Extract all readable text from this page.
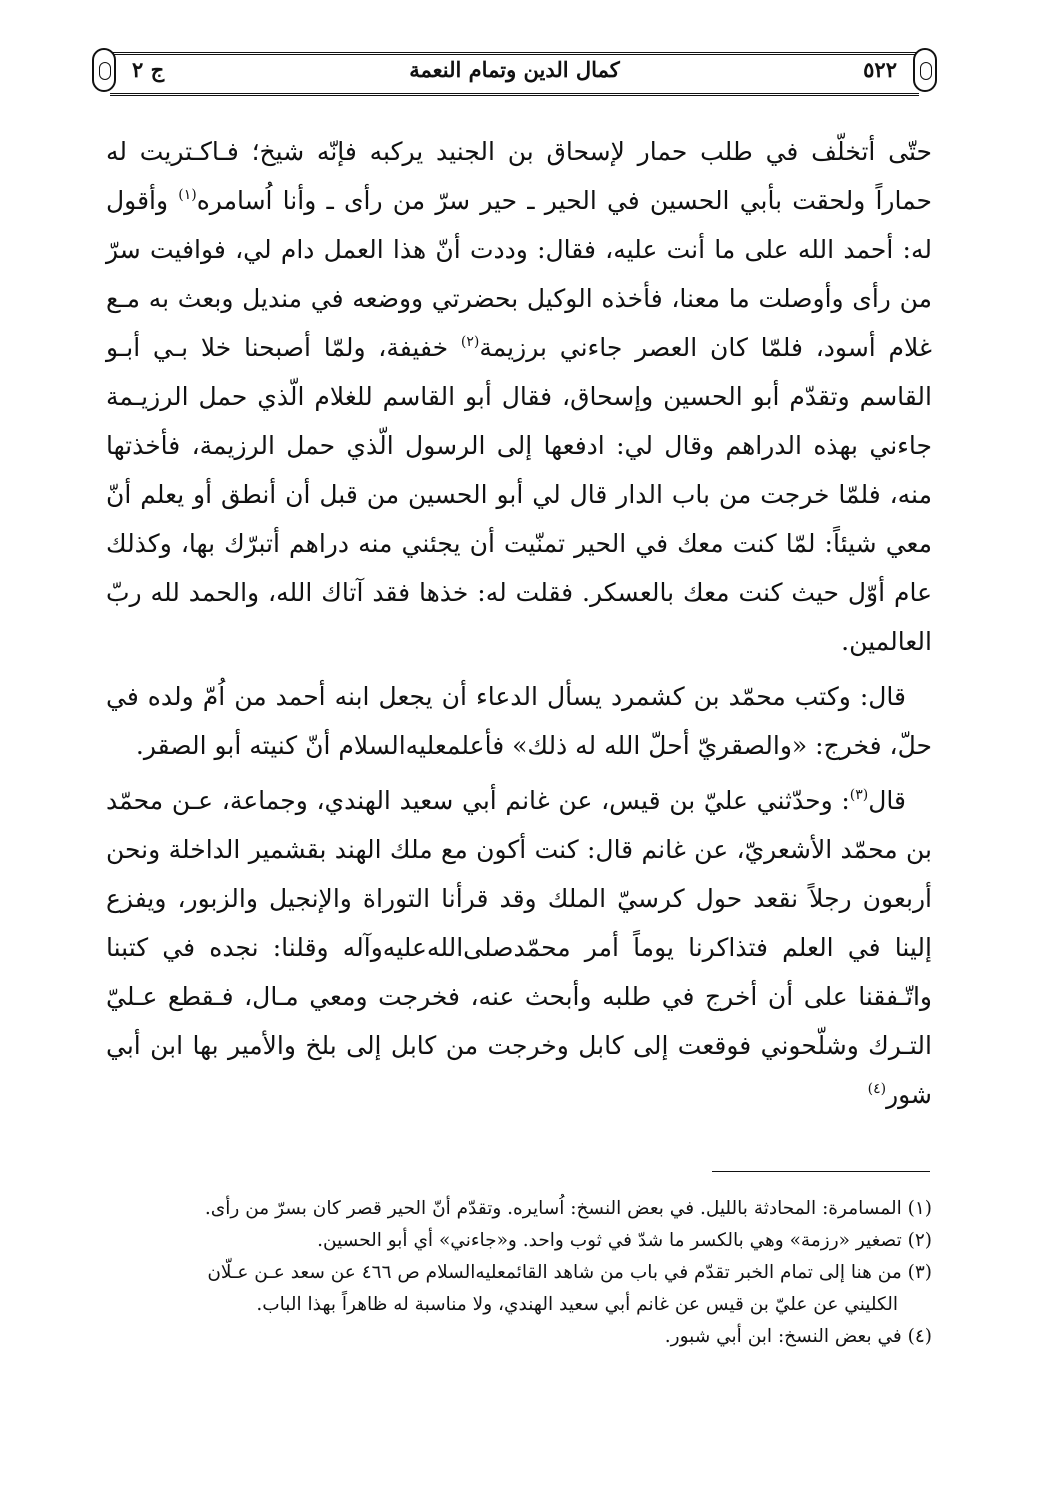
٥٢٢
كمال الدين وتمام النعمة
ج ٢

حتّى أتخلّف في طلب حمار لإسحاق بن الجنيد يركبه فإنّه شيخ؛ فـاكـتريت له حماراً ولحقت بأبي الحسين في الحير ـ حير سرّ من رأى ـ وأنا اُسامره$^{(١)}$ وأقول له: أحمد الله على ما أنت عليه، فقال: وددت أنّ هذا العمل دام لي، فوافيت سرّ من رأى وأوصلت ما معنا، فأخذه الوكيل بحضرتي ووضعه في منديل وبعث به مـع غلام أسود، فلمّا كان العصر جاءني برزيمة$^{(٢)}$ خفيفة، ولمّا أصبحنا خلا بـي أبـو القاسم وتقدّم أبو الحسين وإسحاق، فقال أبو القاسم للغلام الّذي حمل الرزيـمة جاءني بهذه الدراهم وقال لي: ادفعها إلى الرسول الّذي حمل الرزيمة، فأخذتها منه، فلمّا خرجت من باب الدار قال لي أبو الحسين من قبل أن أنطق أو يعلم أنّ معي شيئاً: لمّا كنت معك في الحير تمنّيت أن يجئني منه دراهم أتبرّك بها، وكذلك عام أوّل حيث كنت معك بالعسكر. فقلت له: خذها فقد آتاك الله، والحمد لله ربّ العالمين.

قال: وكتب محمّد بن كشمرد يسأل الدعاء أن يجعل ابنه أحمد من اُمّ ولده في حلّ، فخرج: «والصقريّ أحلّ الله له ذلك» فأعلمعليه‌السلام أنّ كنيته أبو الصقر.

قال$^{(٣)}$: وحدّثني عليّ بن قيس، عن غانم أبي سعيد الهندي، وجماعة، عـن محمّد بن محمّد الأشعريّ، عن غانم قال: كنت أكون مع ملك الهند بقشمير الداخلة ونحن أربعون رجلاً نقعد حول كرسيّ الملك وقد قرأنا التوراة والإنجيل والزبور، ويفزع إلينا في العلم فتذاكرنا يوماً أمر محمّدصلى‌الله‌عليه‌وآله وقلنا: نجده في كتبنا واتّـفقنا على أن أخرج في طلبه وأبحث عنه، فخرجت ومعي مـال، فـقطع عـليّ التـرك وشلّحوني فوقعت إلى كابل وخرجت من كابل إلى بلخ والأمير بها ابن أبي شور$^{(٤)}$

(١) المسامرة: المحادثة بالليل. في بعض النسخ: اُسايره. وتقدّم أنّ الحير قصر كان بسرّ من رأى.

(٢) تصغير «رزمة» وهي بالكسر ما شدّ في ثوب واحد. و«جاءني» أي أبو الحسين.

(٣) من هنا إلى تمام الخبر تقدّم في باب من شاهد القائمعليه‌السلام ص ٤٦٦ عن سعد عـن عـلّان

الكليني عن عليّ بن قيس عن غانم أبي سعيد الهندي، ولا مناسبة له ظاهراً بهذا الباب.

(٤) في بعض النسخ: ابن أبي شبور.
